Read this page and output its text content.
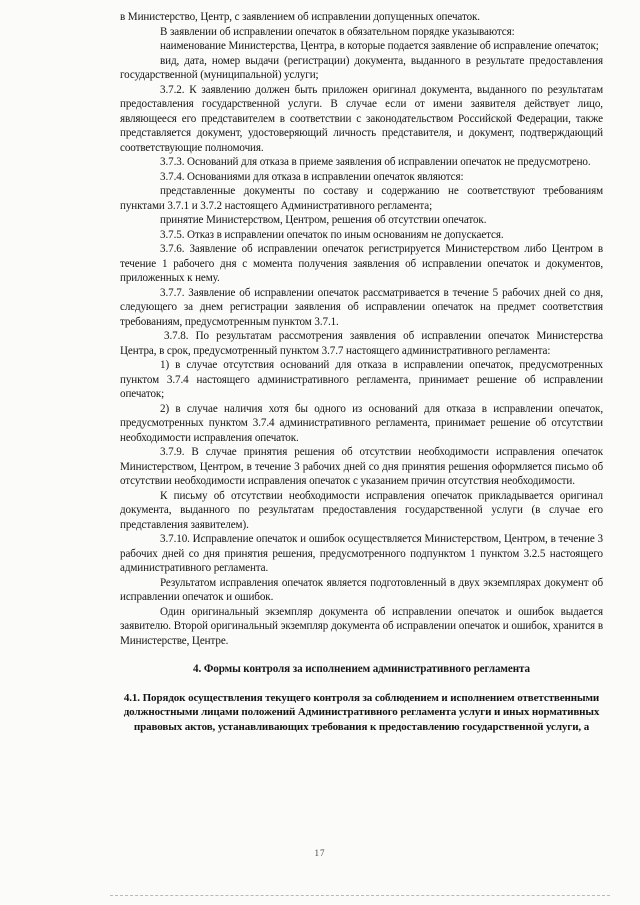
в Министерство, Центр, с заявлением об исправлении допущенных опечаток.

В заявлении об исправлении опечаток в обязательном порядке указываются:

наименование Министерства, Центра, в которые подается заявление об исправление опечаток;

вид, дата, номер выдачи (регистрации) документа, выданного в результате предоставления государственной (муниципальной) услуги;

3.7.2. К заявлению должен быть приложен оригинал документа, выданного по результатам предоставления государственной услуги. В случае если от имени заявителя действует лицо, являющееся его представителем в соответствии с законодательством Российской Федерации, также представляется документ, удостоверяющий личность представителя, и документ, подтверждающий соответствующие полномочия.

3.7.3. Оснований для отказа в приеме заявления об исправлении опечаток не предусмотрено.

3.7.4. Основаниями для отказа в исправлении опечаток являются:

представленные документы по составу и содержанию не соответствуют требованиям пунктами 3.7.1 и 3.7.2 настоящего Административного регламента;

принятие Министерством, Центром, решения об отсутствии опечаток.

3.7.5. Отказ в исправлении опечаток по иным основаниям не допускается.

3.7.6. Заявление об исправлении опечаток регистрируется Министерством либо Центром в течение 1 рабочего дня с момента получения заявления об исправлении опечаток и документов, приложенных к нему.

3.7.7. Заявление об исправлении опечаток рассматривается в течение 5 рабочих дней со дня, следующего за днем регистрации заявления об исправлении опечаток на предмет соответствия требованиям, предусмотренным пунктом 3.7.1.

3.7.8. По результатам рассмотрения заявления об исправлении опечаток Министерства Центра, в срок, предусмотренный пунктом 3.7.7 настоящего административного регламента:

1) в случае отсутствия оснований для отказа в исправлении опечаток, предусмотренных пунктом 3.7.4 настоящего административного регламента, принимает решение об исправлении опечаток;

2) в случае наличия хотя бы одного из оснований для отказа в исправлении опечаток, предусмотренных пунктом 3.7.4 административного регламента, принимает решение об отсутствии необходимости исправления опечаток.

3.7.9. В случае принятия решения об отсутствии необходимости исправления опечаток Министерством, Центром, в течение 3 рабочих дней со дня принятия решения оформляется письмо об отсутствии необходимости исправления опечаток с указанием причин отсутствия необходимости.

К письму об отсутствии необходимости исправления опечаток прикладывается оригинал документа, выданного по результатам предоставления государственной услуги (в случае его представления заявителем).

3.7.10. Исправление опечаток и ошибок осуществляется Министерством, Центром, в течение 3 рабочих дней со дня принятия решения, предусмотренного подпунктом 1 пунктом 3.2.5 настоящего административного регламента.

Результатом исправления опечаток является подготовленный в двух экземплярах документ об исправлении опечаток и ошибок.

Один оригинальный экземпляр документа об исправлении опечаток и ошибок выдается заявителю. Второй оригинальный экземпляр документа об исправлении опечаток и ошибок, хранится в Министерстве, Центре.

4. Формы контроля за исполнением административного регламента

4.1. Порядок осуществления текущего контроля за соблюдением и исполнением ответственными должностными лицами положений Административного регламента услуги и иных нормативных правовых актов, устанавливающих требования к предоставлению государственной услуги, а

17
